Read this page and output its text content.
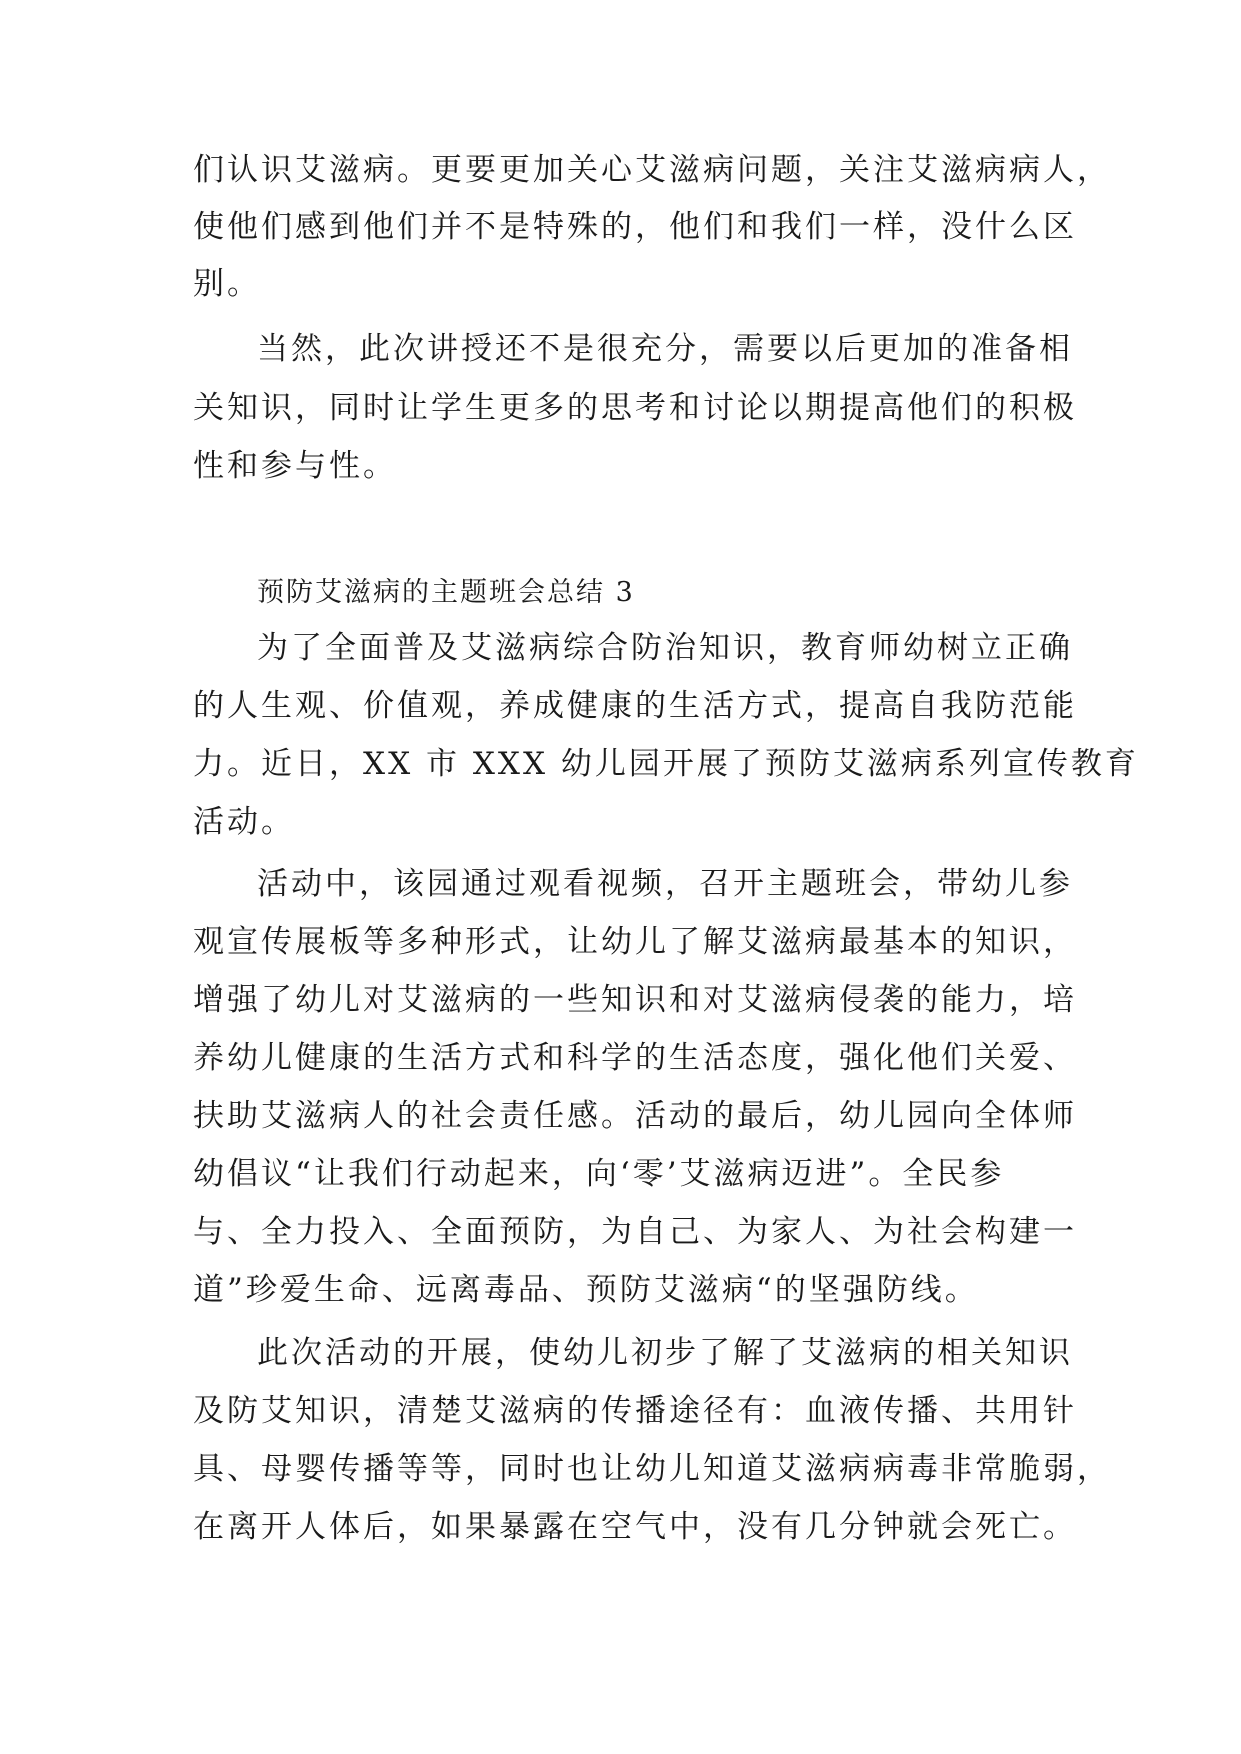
们认识艾滋病。更要更加关心艾滋病问题，关注艾滋病病人，
使他们感到他们并不是特殊的，他们和我们一样，没什么区
别。
当然，此次讲授还不是很充分，需要以后更加的准备相
关知识，同时让学生更多的思考和讨论以期提高他们的积极
性和参与性。
预防艾滋病的主题班会总结 3
为了全面普及艾滋病综合防治知识，教育师幼树立正确
的人生观、价值观，养成健康的生活方式，提高自我防范能
力。近日，XX 市 XXX 幼儿园开展了预防艾滋病系列宣传教育
活动。
活动中，该园通过观看视频，召开主题班会，带幼儿参
观宣传展板等多种形式，让幼儿了解艾滋病最基本的知识，
增强了幼儿对艾滋病的一些知识和对艾滋病侵袭的能力，培
养幼儿健康的生活方式和科学的生活态度，强化他们关爱、
扶助艾滋病人的社会责任感。活动的最后，幼儿园向全体师
幼倡议“让我们行动起来，向‘零’艾滋病迈进”。全民参
与、全力投入、全面预防，为自己、为家人、为社会构建一
道”珍爱生命、远离毒品、预防艾滋病“的坚强防线。
此次活动的开展，使幼儿初步了解了艾滋病的相关知识
及防艾知识，清楚艾滋病的传播途径有：血液传播、共用针
具、母婴传播等等，同时也让幼儿知道艾滋病病毒非常脆弱，
在离开人体后，如果暴露在空气中，没有几分钟就会死亡。
